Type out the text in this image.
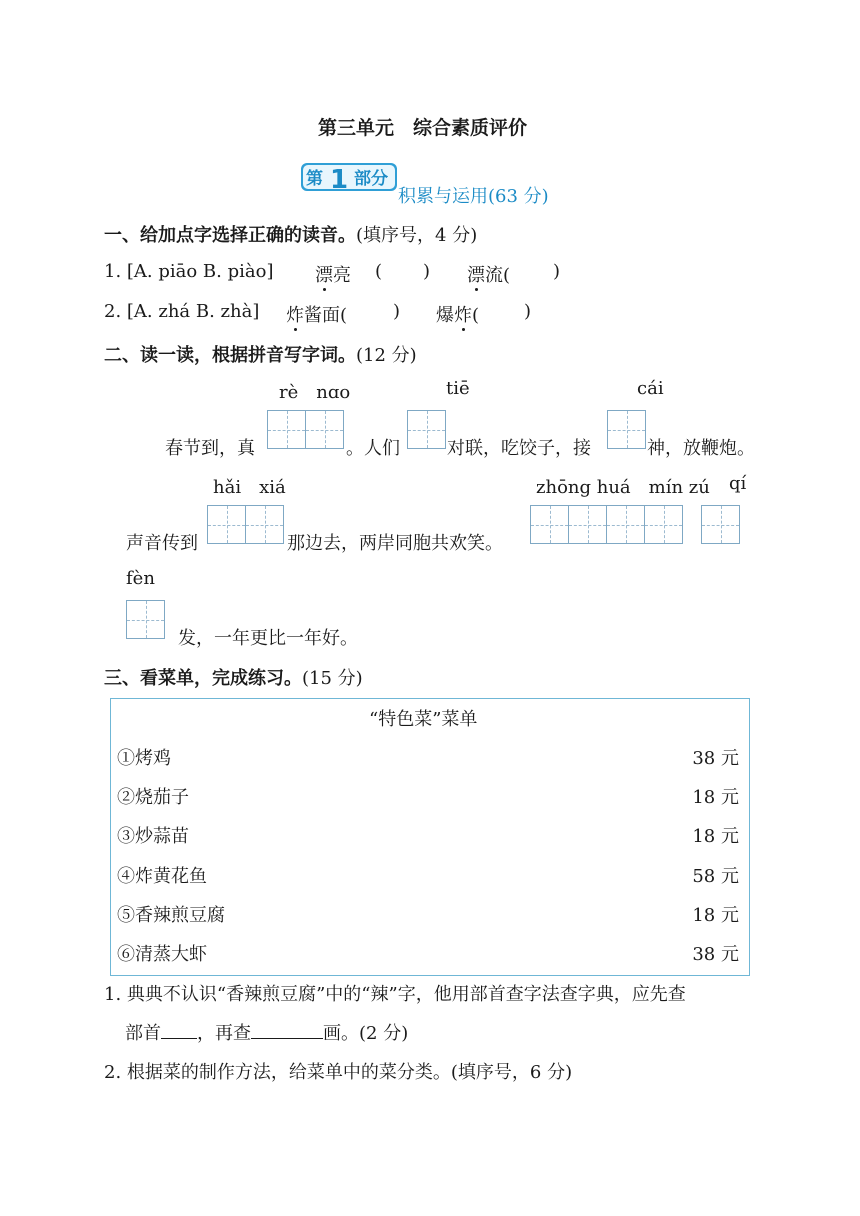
第三单元　综合素质评价
第 1 部分
积累与运用(63 分)
一、给加点字选择正确的读音。(填序号，4 分)
1. [A. piāo B. piào] 漂亮 ( ) 漂流( )
2. [A. zhá B. zhà] 炸酱面(	) 爆炸( )
二、读一读，根据拼音写字词。(12 分)
rè　nɑo	tiē	cái
春节到，真	。人们	对联，吃饺子，接	神，放鞭炮。
hǎi　xiá	zhōng huá　mín zú qí
声音传到	那边去，两岸同胞共欢笑。
fèn
发，一年更比一年好。
三、看菜单，完成练习。(15 分)
“特色菜”菜单
①烤鸡	38 元
②烧茄子	18 元
③炒蒜苗	18 元
④炸黄花鱼	58 元
⑤香辣煎豆腐	18 元
⑥清蒸大虾	38 元
1. 典典不认识“香辣煎豆腐”中的“辣”字，他用部首查字法查字典，应先查
部首 ，再查	画。(2 分)
2. 根据菜的制作方法，给菜单中的菜分类。(填序号，6 分)
